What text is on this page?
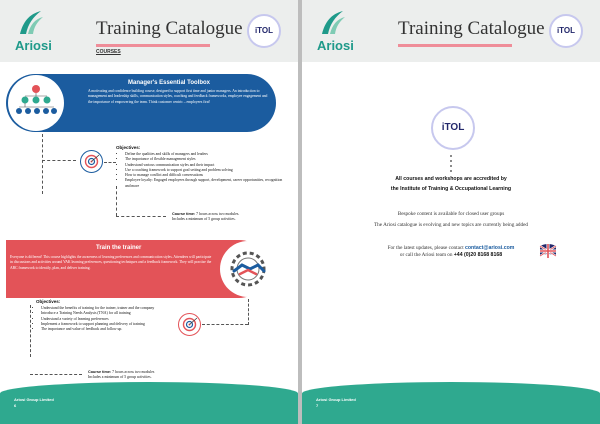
Ariosi
Training Catalogue
COURSES
iTOL
Manager's Essential Toolbox
A motivating and confidence building course, designed to support first time and junior managers. An introduction to management and leadership skills, communication styles, coaching and feedback frameworks, employee engagement and the importance of empowering the team. Think customer centric – employees first!
Objectives:
• Define the qualities and skills of managers and leaders
• The importance of flexible management styles
• Understand various communication styles and their impact
• Use a coaching framework to support goal setting and problem solving
• How to manage conflict and difficult conversations
• Employee loyalty: Engaged employees through support, development, career opportunities, recognition and more
Course time: 7 hours across two modules.
Includes a minimum of 5 group activities.
Train the trainer
Everyone is different! This course highlights the awareness of learning preferences and communication styles. Attendees will participate in discussions and activities around VAK learning preferences, questioning techniques and a feedback framework. They will practise the ABC framework to identify, plan, and deliver training.
Objectives:
• Understand the benefits of training for the trainer, trainer and the company
• Introduce a Training Needs Analysis (TNA) for all training
• Understand a variety of learning preferences
• Implement a framework to support planning and delivery of training
• The importance and value of feedback and follow up.
Course time: 7 hours across two modules
Includes a minimum of 5 group activities.
Ariosi Group Limited
6
Ariosi
Training Catalogue	iTOL
iTOL
All courses and workshops are accredited by
the Institute of Training & Occupational Learning
Bespoke content is available for closed user groups
The Ariosi catalogue is evolving and new topics are currently being added
For the latest updates, please contact contact@ariosi.com
or call the Ariosi team on +44 (0)20 8168 8168
Ariosi Group Limited
7
